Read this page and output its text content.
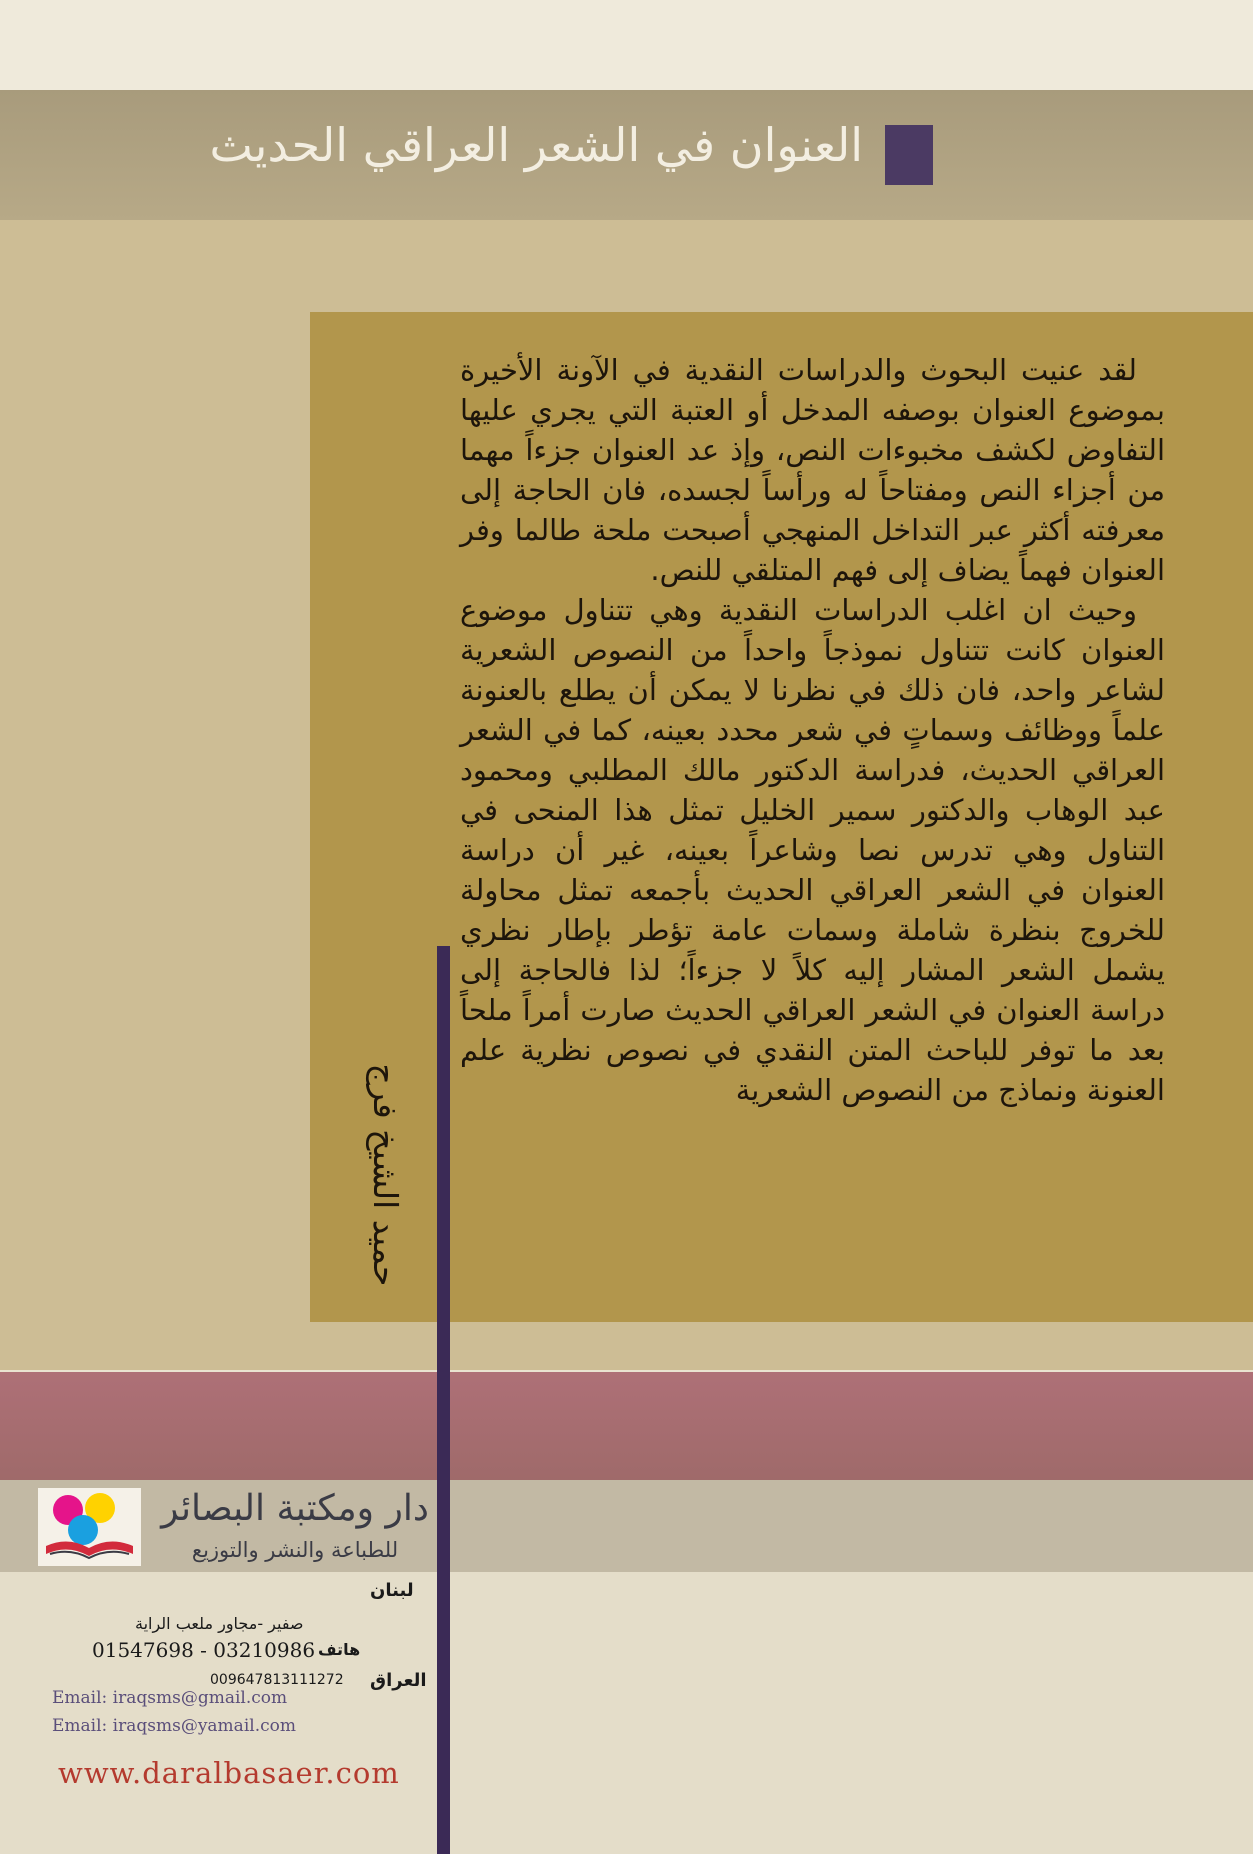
العنوان في الشعر العراقي الحديث

لقد عنيت البحوث والدراسات النقدية في الآونة الأخيرة بموضوع العنوان بوصفه المدخل أو العتبة التي يجري عليها التفاوض لكشف مخبوءات النص، وإذ عد العنوان جزءاً مهما من أجزاء النص ومفتاحاً له ورأساً لجسده، فان الحاجة إلى معرفته أكثر عبر التداخل المنهجي أصبحت ملحة طالما وفر العنوان فهماً يضاف إلى فهم المتلقي للنص.

وحيث ان اغلب الدراسات النقدية وهي تتناول موضوع العنوان كانت تتناول نموذجاً واحداً من النصوص الشعرية لشاعر واحد، فان ذلك في نظرنا لا يمكن أن يطلع بالعنونة علماً ووظائف وسماتٍ في شعر محدد بعينه، كما في الشعر العراقي الحديث، فدراسة الدكتور مالك المطلبي ومحمود عبد الوهاب والدكتور سمير الخليل تمثل هذا المنحى في التناول وهي تدرس نصا وشاعراً بعينه، غير أن دراسة العنوان في الشعر العراقي الحديث بأجمعه تمثل محاولة للخروج بنظرة شاملة وسمات عامة تؤطر بإطار نظري يشمل الشعر المشار إليه كلاً لا جزءاً؛ لذا فالحاجة إلى دراسة العنوان في الشعر العراقي الحديث صارت أمراً ملحاً بعد ما توفر للباحث المتن النقدي في نصوص نظرية علم العنونة ونماذج من النصوص الشعرية

حميد الشيخ فرج
دار ومكتبة البصائر
للطباعة والنشر والتوزيع
لبنان
صفير -مجاور ملعب الراية
هاتف
01547698 - 03210986
العراق
009647813111272
Email: iraqsms@gmail.com
Email: iraqsms@yamail.com
www.daralbasaer.com
